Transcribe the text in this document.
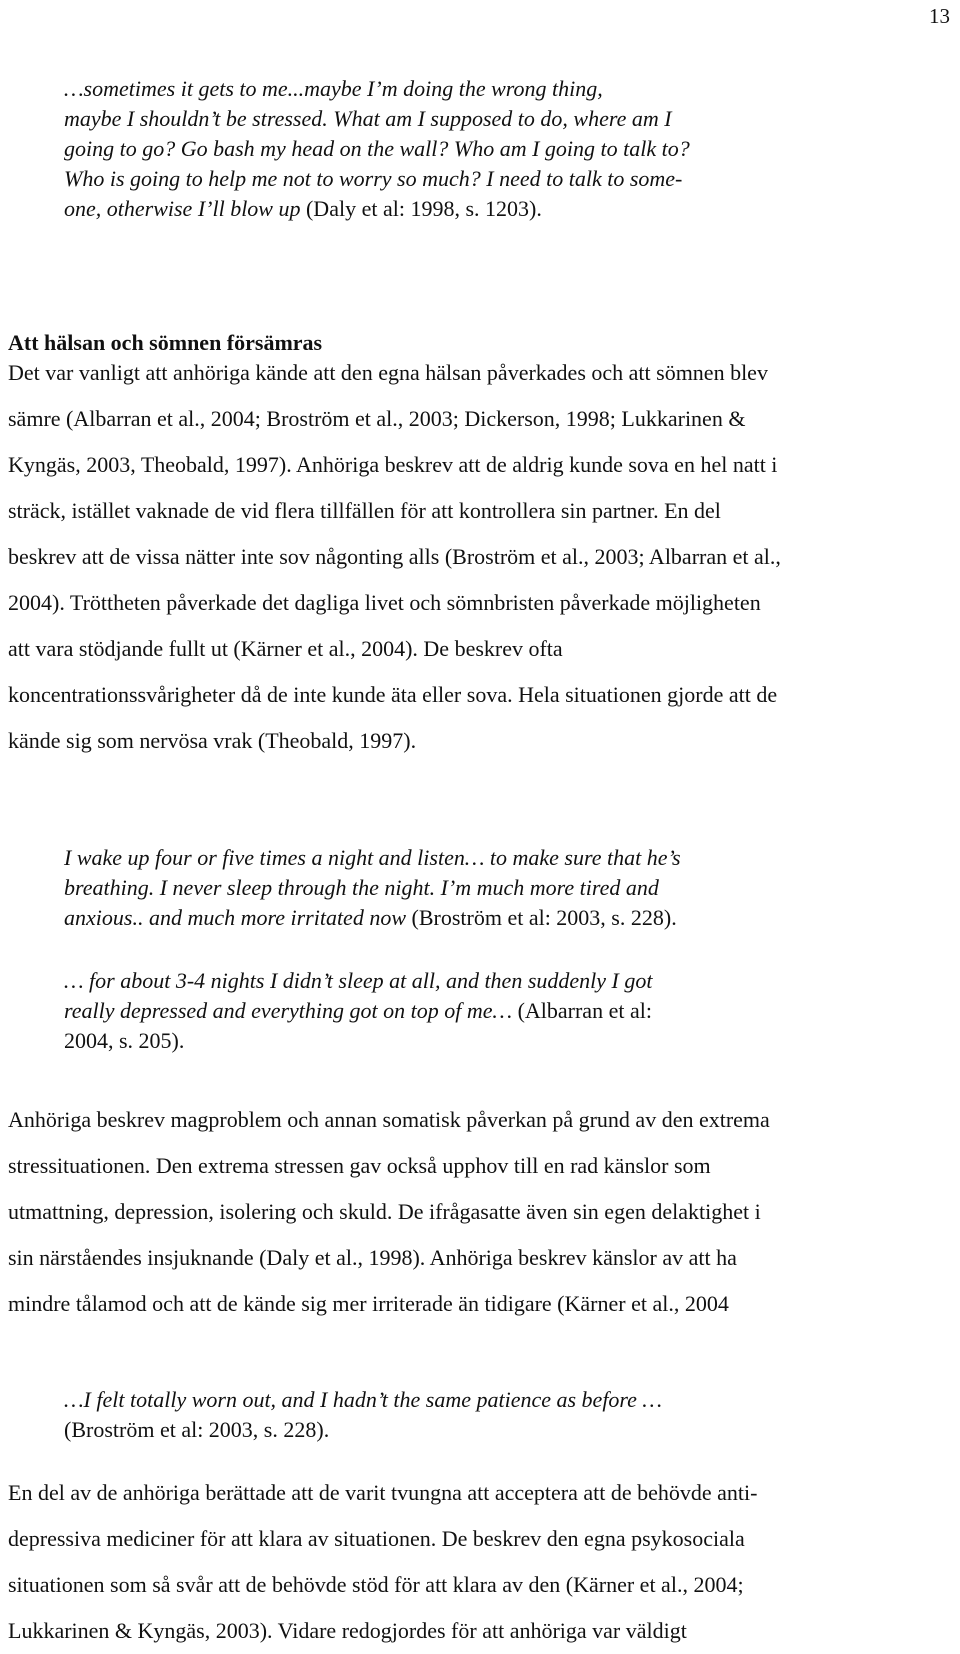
13
…sometimes it gets to me...maybe I’m doing the wrong thing,
maybe I shouldn’t be stressed. What am I supposed to do, where am I
going to go? Go bash my head on the wall? Who am I going to talk to?
Who is going to help me not to worry so much? I need to talk to some-
one, otherwise I’ll blow up (Daly et al: 1998, s. 1203).
Att hälsan och sömnen försämras
Det var vanligt att anhöriga kände att den egna hälsan påverkades och att sömnen blev
sämre (Albarran et al., 2004; Broström et al., 2003; Dickerson, 1998; Lukkarinen &
Kyngäs, 2003, Theobald, 1997). Anhöriga beskrev att de aldrig kunde sova en hel natt i
sträck, istället vaknade de vid flera tillfällen för att kontrollera sin partner. En del
beskrev att de vissa nätter inte sov någonting alls (Broström et al., 2003; Albarran et al.,
2004). Tröttheten påverkade det dagliga livet och sömnbristen påverkade möjligheten
att vara stödjande fullt ut (Kärner et al., 2004). De beskrev ofta
koncentrationssvårigheter då de inte kunde äta eller sova. Hela situationen gjorde att de
kände sig som nervösa vrak (Theobald, 1997).
I wake up four or five times a night and listen… to make sure that he’s
breathing. I never sleep through the night. I’m much more tired and
anxious.. and much more irritated now (Broström et al: 2003, s. 228).
… for about 3-4 nights I didn’t sleep at all, and then suddenly I got
really depressed and everything got on top of me… (Albarran et al:
2004, s. 205).
Anhöriga beskrev magproblem och annan somatisk påverkan på grund av den extrema
stressituationen. Den extrema stressen gav också upphov till en rad känslor som
utmattning, depression, isolering och skuld. De ifrågasatte även sin egen delaktighet i
sin närståendes insjuknande (Daly et al., 1998). Anhöriga beskrev känslor av att ha
mindre tålamod och att de kände sig mer irriterade än tidigare (Kärner et al., 2004
…I felt totally worn out, and I hadn’t the same patience as before …
(Broström et al: 2003, s. 228).
En del av de anhöriga berättade att de varit tvungna att acceptera att de behövde anti-
depressiva mediciner för att klara av situationen. De beskrev den egna psykosociala
situationen som så svår att de behövde stöd för att klara av den (Kärner et al., 2004;
Lukkarinen & Kyngäs, 2003). Vidare redogjordes för att anhöriga var väldigt
